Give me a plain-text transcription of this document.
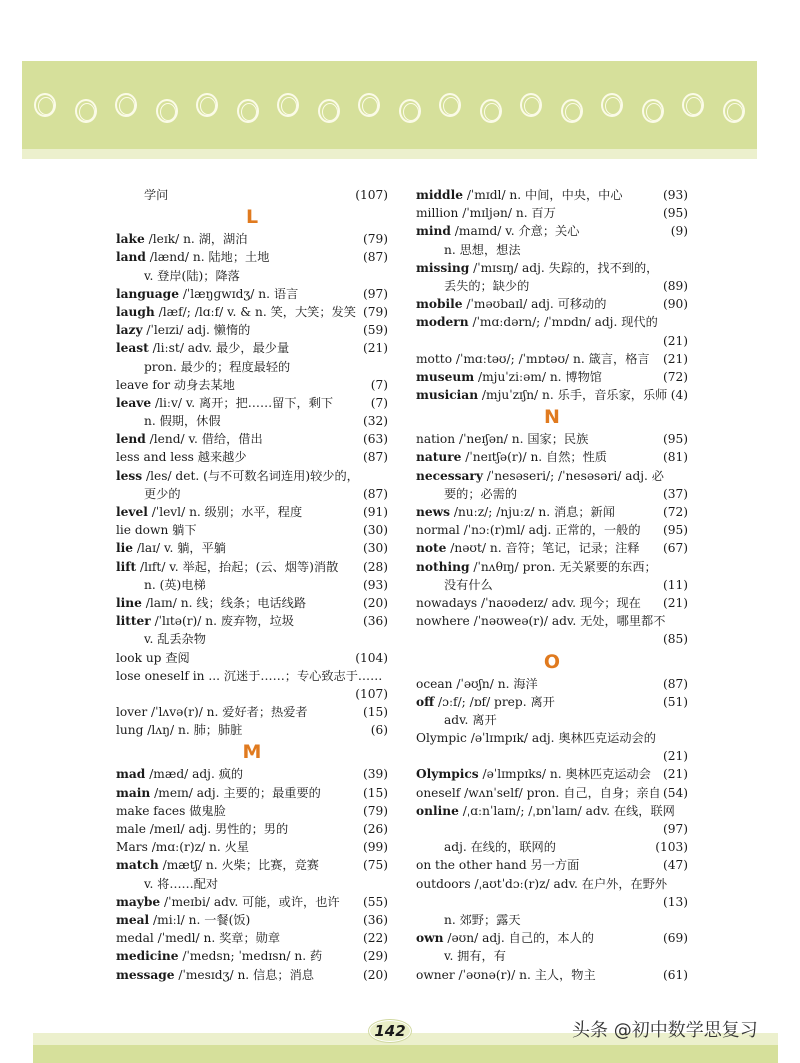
学问	(107)
L
lake /leɪk/ n. 湖，湖泊	(79)
land /lænd/ n. 陆地；土地	(87)
v. 登岸(陆)；降落
language /ˈlæŋɡwɪdʒ/ n. 语言	(97)
laugh /læf/; /lɑːf/ v. & n. 笑，大笑；发笑 (79)
lazy /ˈleɪzi/ adj. 懒惰的	(59)
least /liːst/ adv. 最少，最少量	(21)
pron. 最少的；程度最轻的
leave for 动身去某地	(7)
leave /liːv/ v. 离开；把……留下，剩下	(7)
n. 假期，休假	(32)
lend /lend/ v. 借给，借出	(63)
less and less 越来越少	(87)
less /les/ det. (与不可数名词连用)较少的，
更少的	(87)
level /ˈlevl/ n. 级别；水平，程度	(91)
lie down 躺下	(30)
lie /laɪ/ v. 躺，平躺	(30)
lift /lɪft/ v. 举起，抬起；(云、烟等)消散 (28)
n. (英)电梯	(93)
line /laɪn/ n. 线；线条；电话线路	(20)
litter /ˈlɪtə(r)/ n. 废弃物，垃圾	(36)
v. 乱丢杂物
look up 查阅	(104)
lose oneself in ... 沉迷于……；专心致志于……
(107)
lover /ˈlʌvə(r)/ n. 爱好者；热爱者	(15)
lung /lʌŋ/ n. 肺；肺脏	(6)
M
mad /mæd/ adj. 疯的	(39)
main /meɪn/ adj. 主要的；最重要的	(15)
make faces 做鬼脸	(79)
male /meɪl/ adj. 男性的；男的	(26)
Mars /mɑː(r)z/ n. 火星	(99)
match /mætʃ/ n. 火柴；比赛，竞赛	(75)
v. 将……配对
maybe /ˈmeɪbi/ adv. 可能，或许，也许 (55)
meal /miːl/ n. 一餐(饭)	(36)
medal /ˈmedl/ n. 奖章；勋章	(22)
medicine /ˈmedsn; ˈmedɪsn/ n. 药	(29)
message /ˈmesɪdʒ/ n. 信息；消息	(20)
middle /ˈmɪdl/ n. 中间，中央，中心	(93)
million /ˈmɪljən/ n. 百万	(95)
mind /maɪnd/ v. 介意；关心	(9)
n. 思想，想法
missing /ˈmɪsɪŋ/ adj. 失踪的，找不到的，
丢失的；缺少的	(89)
mobile /ˈməʊbaɪl/ adj. 可移动的	(90)
modern /ˈmɑːdərn/; /ˈmɒdn/ adj. 现代的
(21)
motto /ˈmɑːtəʊ/; /ˈmɒtəʊ/ n. 箴言，格言 (21)
museum /mjuˈziːəm/ n. 博物馆	(72)
musician /mjuˈzɪʃn/ n. 乐手，音乐家，乐师 (4)
N
nation /ˈneɪʃən/ n. 国家；民族	(95)
nature /ˈneɪtʃə(r)/ n. 自然；性质	(81)
necessary /ˈnesəseri/; /ˈnesəsəri/ adj. 必
要的；必需的	(37)
news /nuːz/; /njuːz/ n. 消息；新闻	(72)
normal /ˈnɔː(r)ml/ adj. 正常的，一般的 (95)
note /nəʊt/ n. 音符；笔记，记录；注释 (67)
nothing /ˈnʌθɪŋ/ pron. 无关紧要的东西；
没有什么	(11)
nowadays /ˈnaʊədeɪz/ adv. 现今；现在 (21)
nowhere /ˈnəʊweə(r)/ adv. 无处，哪里都不
(85)
O
ocean /ˈəʊʃn/ n. 海洋	(87)
off /ɔːf/; /ɒf/ prep. 离开	(51)
adv. 离开
Olympic /əˈlɪmpɪk/ adj. 奥林匹克运动会的
(21)
Olympics /əˈlɪmpɪks/ n. 奥林匹克运动会 (21)
oneself /wʌnˈself/ pron. 自己，自身；亲自 (54)
online /ˌɑːnˈlaɪn/; /ˌɒnˈlaɪn/ adv. 在线，联网
(97)
adj. 在线的，联网的	(103)
on the other hand 另一方面	(47)
outdoors /ˌaʊtˈdɔː(r)z/ adv. 在户外，在野外
(13)
n. 郊野；露天
own /əʊn/ adj. 自己的，本人的	(69)
v. 拥有，有
owner /ˈəʊnə(r)/ n. 主人，物主	(61)
142	头条 @初中数学思复习
